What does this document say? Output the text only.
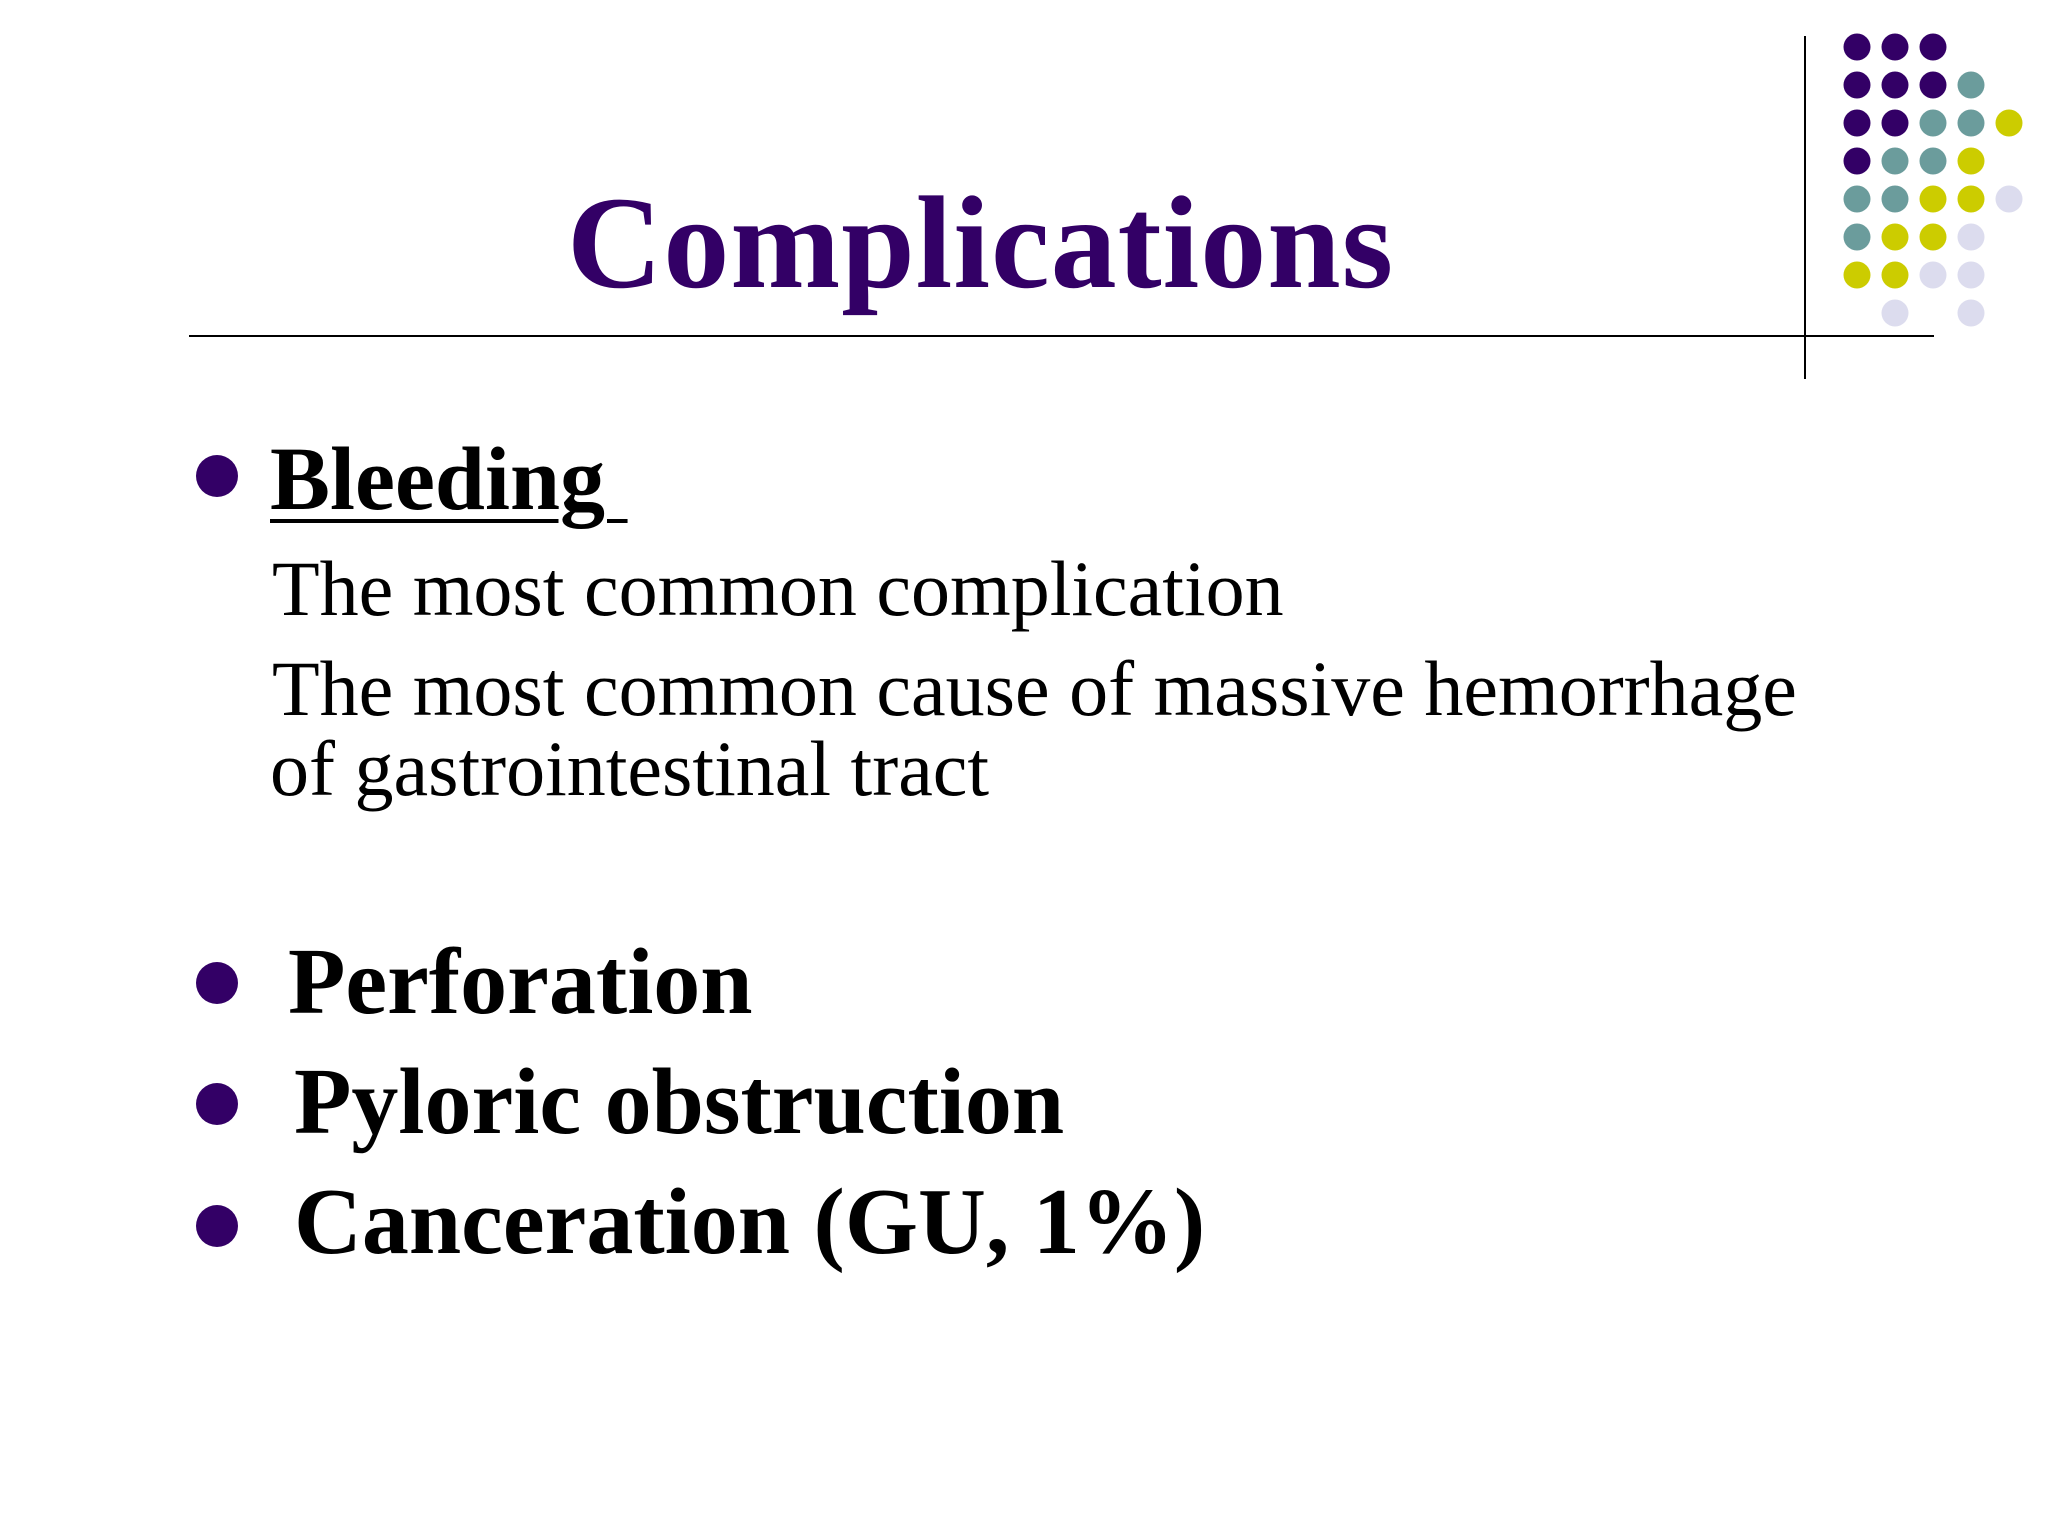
Complications

Bleeding

The most common complication

The most common cause of massive hemorrhage

of gastrointestinal tract

Perforation

Pyloric obstruction

Canceration (GU, 1%)
